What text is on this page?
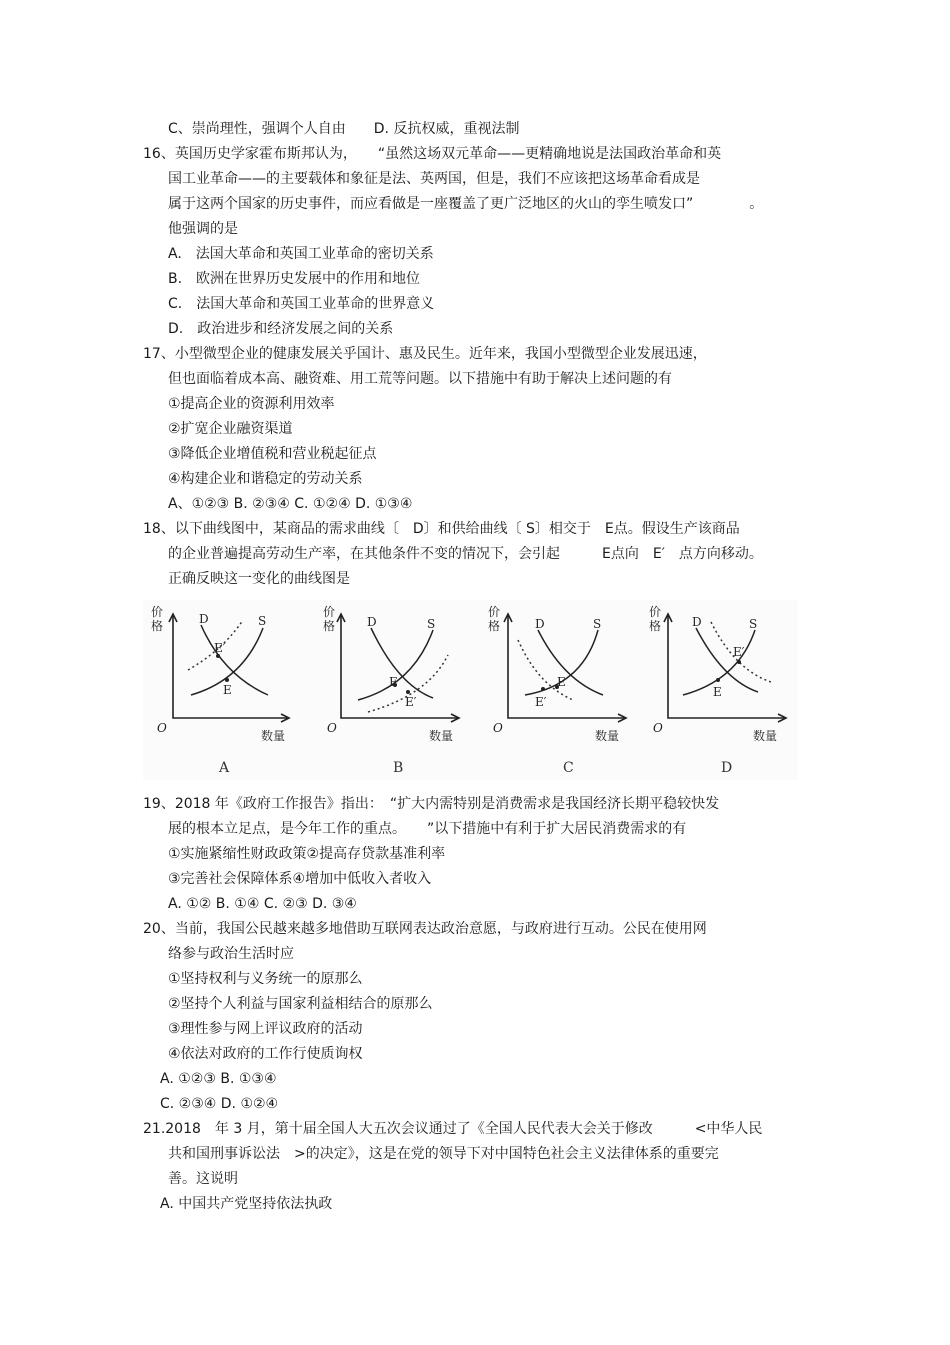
C、崇尚理性，强调个人自由　　D. 反抗权威，重视法制
16、英国历史学家霍布斯邦认为，　　“虽然这场双元革命——更精确地说是法国政治革命和英
国工业革命——的主要载体和象征是法、英两国，但是，我们不应该把这场革命看成是
属于这两个国家的历史事件，而应看做是一座覆盖了更广泛地区的火山的孪生喷发口”　　　　。
他强调的是
A.　法国大革命和英国工业革命的密切关系
B.　欧洲在世界历史发展中的作用和地位
C.　法国大革命和英国工业革命的世界意义
D.　政治进步和经济发展之间的关系
17、小型微型企业的健康发展关乎国计、惠及民生。近年来，我国小型微型企业发展迅速，
但也面临着成本高、融资难、用工荒等问题。以下措施中有助于解决上述问题的有
①提高企业的资源利用效率
②扩宽企业融资渠道
③降低企业增值税和营业税起征点
④构建企业和谐稳定的劳动关系
A、①②③ B. ②③④ C. ①②④ D. ①③④
18、以下曲线图中，某商品的需求曲线〔　D〕和供给曲线〔 S〕相交于　E点。假设生产该商品
的企业普遍提高劳动生产率，在其他条件不变的情况下，会引起　　　E点向　E′　点方向移动。
正确反映这一变化的曲线图是
价
格
O
数量
D	S
E′
E
A
价
格
O
数量
D	S
E
E′
B
价
格
O
数量
D	S
E
E′
C
价
格
O
数量
D	S
E′
E
D
19、2018 年《政府工作报告》指出：　“扩大内需特别是消费需求是我国经济长期平稳较快发
展的根本立足点，是今年工作的重点。　　”以下措施中有利于扩大居民消费需求的有
①实施紧缩性财政政策②提高存贷款基准利率
③完善社会保障体系④增加中低收入者收入
A. ①② B. ①④ C. ②③ D. ③④
20、当前，我国公民越来越多地借助互联网表达政治意愿，与政府进行互动。公民在使用网
络参与政治生活时应
①坚持权利与义务统一的原那么
②坚持个人利益与国家利益相结合的原那么
③理性参与网上评议政府的活动
④依法对政府的工作行使质询权
A. ①②③ B. ①③④
C. ②③④ D. ①②④
21.2018　年 3 月，第十届全国人大五次会议通过了《全国人民代表大会关于修改　　　<中华人民
共和国刑事诉讼法　>的决定》，这是在党的领导下对中国特色社会主义法律体系的重要完
善。这说明
A. 中国共产党坚持依法执政
